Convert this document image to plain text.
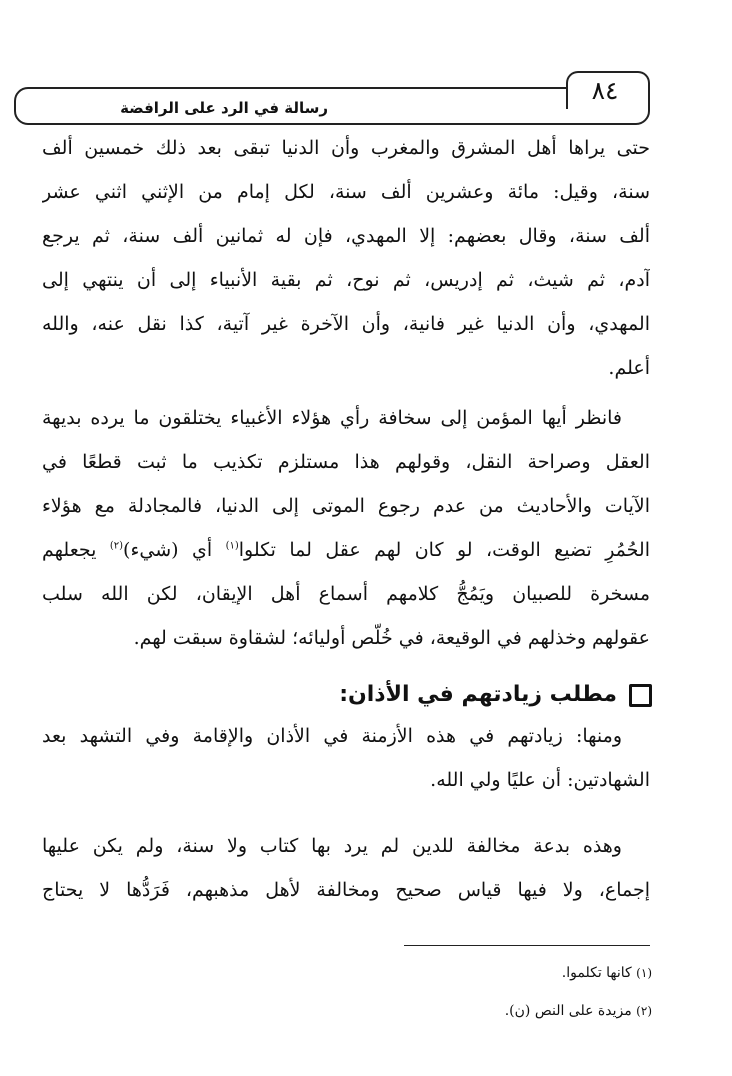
٨٤
رسالة في الرد على الرافضة
حتى يراها أهل المشرق والمغرب وأن الدنيا تبقى بعد ذلك خمسين ألف
سنة، وقيل: مائة وعشرين ألف سنة، لكل إمام من الإثني اثني عشر
ألف سنة، وقال بعضهم: إلا المهدي، فإن له ثمانين ألف سنة، ثم يرجع
آدم، ثم شيث، ثم إدريس، ثم نوح، ثم بقية الأنبياء إلى أن ينتهي إلى
المهدي، وأن الدنيا غير فانية، وأن الآخرة غير آتية، كذا نقل عنه، والله
أعلم.
فانظر أيها المؤمن إلى سخافة رأي هؤلاء الأغبياء يختلقون ما يرده بديهة
العقل وصراحة النقل، وقولهم هذا مستلزم تكذيب ما ثبت قطعًا في
الآيات والأحاديث من عدم رجوع الموتى إلى الدنيا، فالمجادلة مع هؤلاء
الحُمُرِ تضيع الوقت، لو كان لهم عقل لما تكلوا$^{(١)}$ أي (شيء)$^{(٢)}$ يجعلهم
مسخرة للصبيان ويَمُجُّ كلامهم أسماع أهل الإيقان، لكن الله سلب
عقولهم وخذلهم في الوقيعة، في خُلّص أوليائه؛ لشقاوة سبقت لهم.
مطلب زيادتهم في الأذان:
ومنها: زيادتهم في هذه الأزمنة في الأذان والإقامة وفي التشهد بعد
الشهادتين: أن عليًا ولي الله.
وهذه بدعة مخالفة للدين لم يرد بها كتاب ولا سنة، ولم يكن عليها
إجماع، ولا فيها قياس صحيح ومخالفة لأهل مذهبهم، فَرَدُّها لا يحتاج
(١) كانها تكلموا.
(٢) مزيدة على النص (ن).
